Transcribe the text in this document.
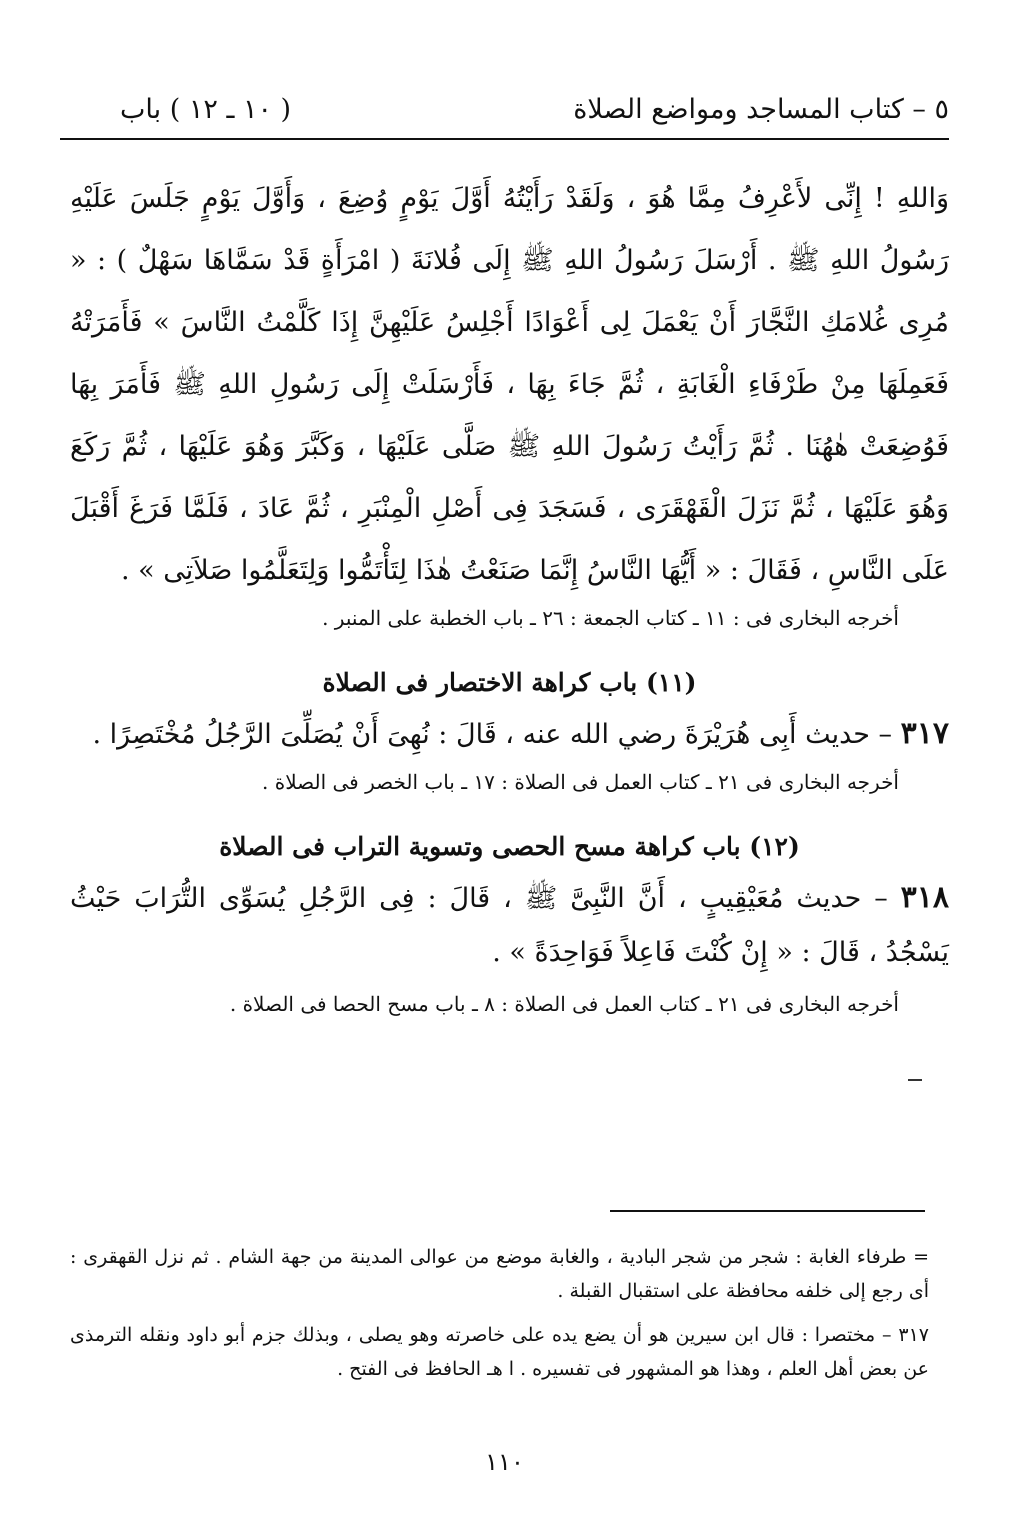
٥ – كتاب المساجد ومواضع الصلاة
( ١٠ ـ ١٢ ) باب

وَاللهِ ! إِنِّى لأَعْرِفُ مِمَّا هُوَ ، وَلَقَدْ رَأَيْتُهُ أَوَّلَ يَوْمٍ وُضِعَ ، وَأَوَّلَ يَوْمٍ جَلَسَ عَلَيْهِ رَسُولُ اللهِ ﷺ . أَرْسَلَ رَسُولُ اللهِ ﷺ إِلَى فُلانَةَ ( امْرَأَةٍ قَدْ سَمَّاهَا سَهْلٌ ) : « مُرِى غُلامَكِ النَّجَّارَ أَنْ يَعْمَلَ لِى أَعْوَادًا أَجْلِسُ عَلَيْهِنَّ إِذَا كَلَّمْتُ النَّاسَ » فَأَمَرَتْهُ فَعَمِلَهَا مِنْ طَرْفَاءِ الْغَابَةِ ، ثُمَّ جَاءَ بِهَا ، فَأَرْسَلَتْ إِلَى رَسُولِ اللهِ ﷺ فَأَمَرَ بِهَا فَوُضِعَتْ هٰهُنَا . ثُمَّ رَأَيْتُ رَسُولَ اللهِ ﷺ صَلَّى عَلَيْهَا ، وَكَبَّرَ وَهُوَ عَلَيْهَا ، ثُمَّ رَكَعَ وَهُوَ عَلَيْهَا ، ثُمَّ نَزَلَ الْقَهْقَرَى ، فَسَجَدَ فِى أَصْلِ الْمِنْبَرِ ، ثُمَّ عَادَ ، فَلَمَّا فَرَغَ أَقْبَلَ عَلَى النَّاسِ ، فَقَالَ : « أَيُّهَا النَّاسُ إِنَّمَا صَنَعْتُ هٰذَا لِتَأْتَمُّوا وَلِتَعَلَّمُوا صَلاَتِى » .

أخرجه البخارى فى : ١١ ـ كتاب الجمعة : ٢٦ ـ باب الخطبة على المنبر .

(١١) باب كراهة الاختصار فى الصلاة

٣١٧ – حديث أَبِى هُرَيْرَةَ رضي الله عنه ، قَالَ : نُهِىَ أَنْ يُصَلِّىَ الرَّجُلُ مُخْتَصِرًا .

أخرجه البخارى فى ٢١ ـ كتاب العمل فى الصلاة : ١٧ ـ باب الخصر فى الصلاة .

(١٢) باب كراهة مسح الحصى وتسوية التراب فى الصلاة

٣١٨ – حديث مُعَيْقِيبٍ ، أَنَّ النَّبِىَّ ﷺ ، قَالَ : فِى الرَّجُلِ يُسَوِّى التُّرَابَ حَيْثُ يَسْجُدُ ، قَالَ : « إِنْ كُنْتَ فَاعِلاً فَوَاحِدَةً » .

أخرجه البخارى فى ٢١ ـ كتاب العمل فى الصلاة : ٨ ـ باب مسح الحصا فى الصلاة .

= طرفاء الغابة : شجر من شجر البادية ، والغابة موضع من عوالى المدينة من جهة الشام . ثم نزل القهقرى : أى رجع إلى خلفه محافظة على استقبال القبلة .

٣١٧ – مختصرا : قال ابن سيرين هو أن يضع يده على خاصرته وهو يصلى ، وبذلك جزم أبو داود ونقله الترمذى عن بعض أهل العلم ، وهذا هو المشهور فى تفسيره . ا هـ الحافظ فى الفتح .

١١٠
